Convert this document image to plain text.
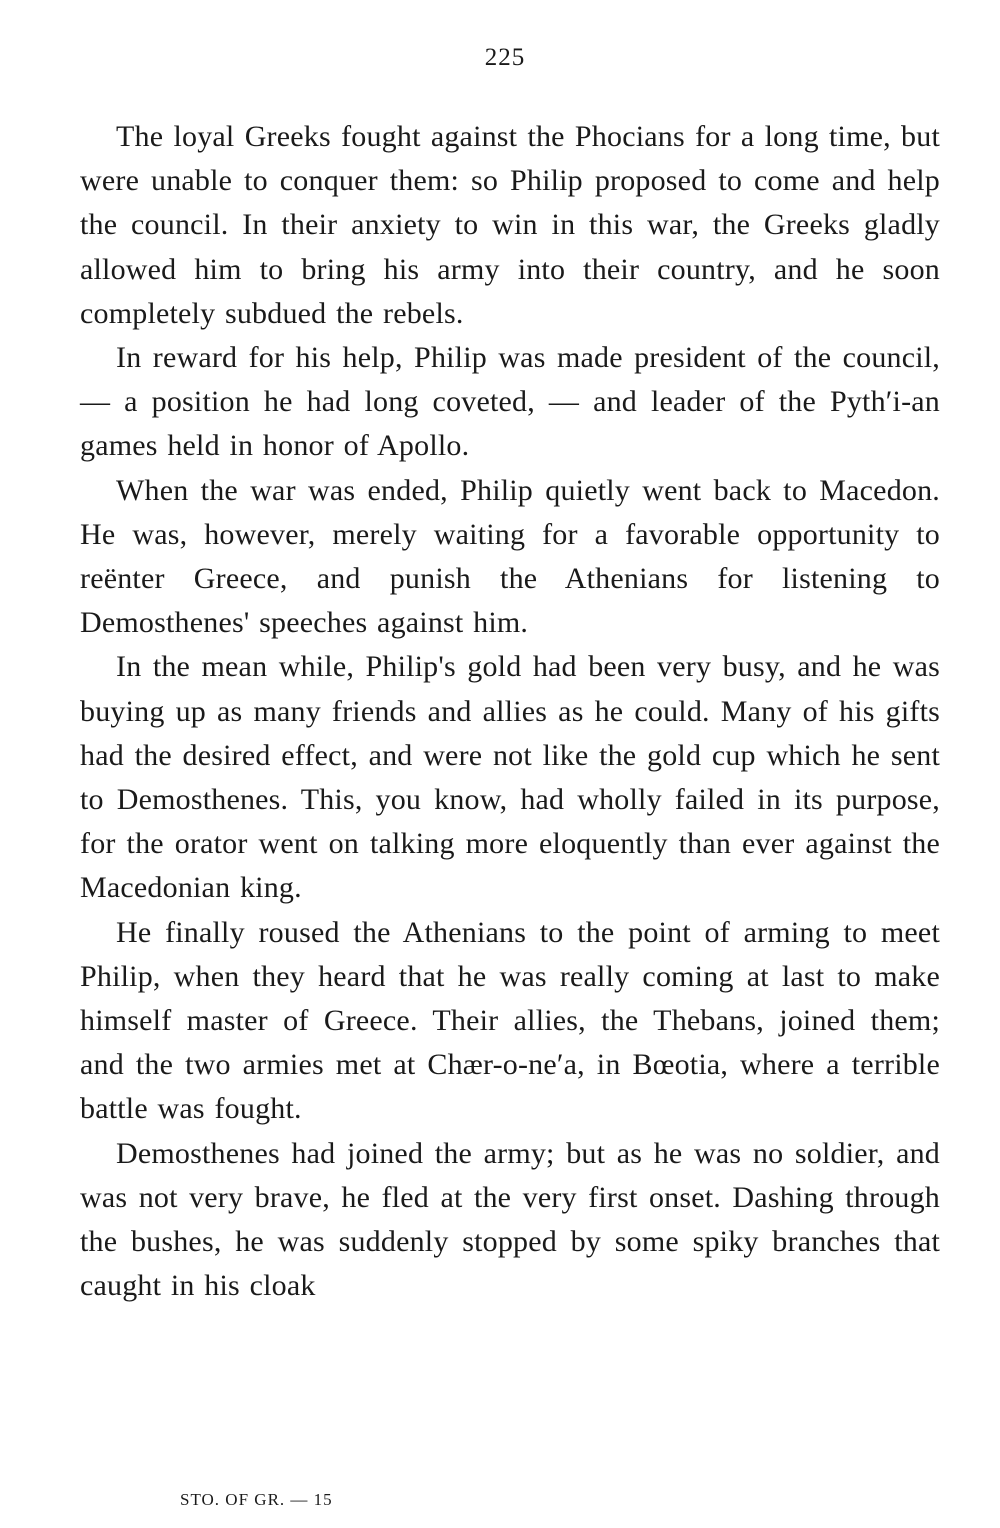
225

The loyal Greeks fought against the Phocians for a long time, but were unable to conquer them: so Philip proposed to come and help the council. In their anxiety to win in this war, the Greeks gladly allowed him to bring his army into their country, and he soon completely subdued the rebels.

In reward for his help, Philip was made president of the council, — a position he had long coveted, — and leader of the Pyth′i-an games held in honor of Apollo.

When the war was ended, Philip quietly went back to Macedon. He was, however, merely waiting for a favorable opportunity to reënter Greece, and punish the Athenians for listening to Demosthenes' speeches against him.

In the mean while, Philip's gold had been very busy, and he was buying up as many friends and allies as he could. Many of his gifts had the desired effect, and were not like the gold cup which he sent to Demosthenes. This, you know, had wholly failed in its purpose, for the orator went on talking more eloquently than ever against the Macedonian king.

He finally roused the Athenians to the point of arming to meet Philip, when they heard that he was really coming at last to make himself master of Greece. Their allies, the Thebans, joined them; and the two armies met at Chær-o-ne′a, in Bœotia, where a terrible battle was fought.

Demosthenes had joined the army; but as he was no soldier, and was not very brave, he fled at the very first onset. Dashing through the bushes, he was suddenly stopped by some spiky branches that caught in his cloak

STO. OF GR. — 15
